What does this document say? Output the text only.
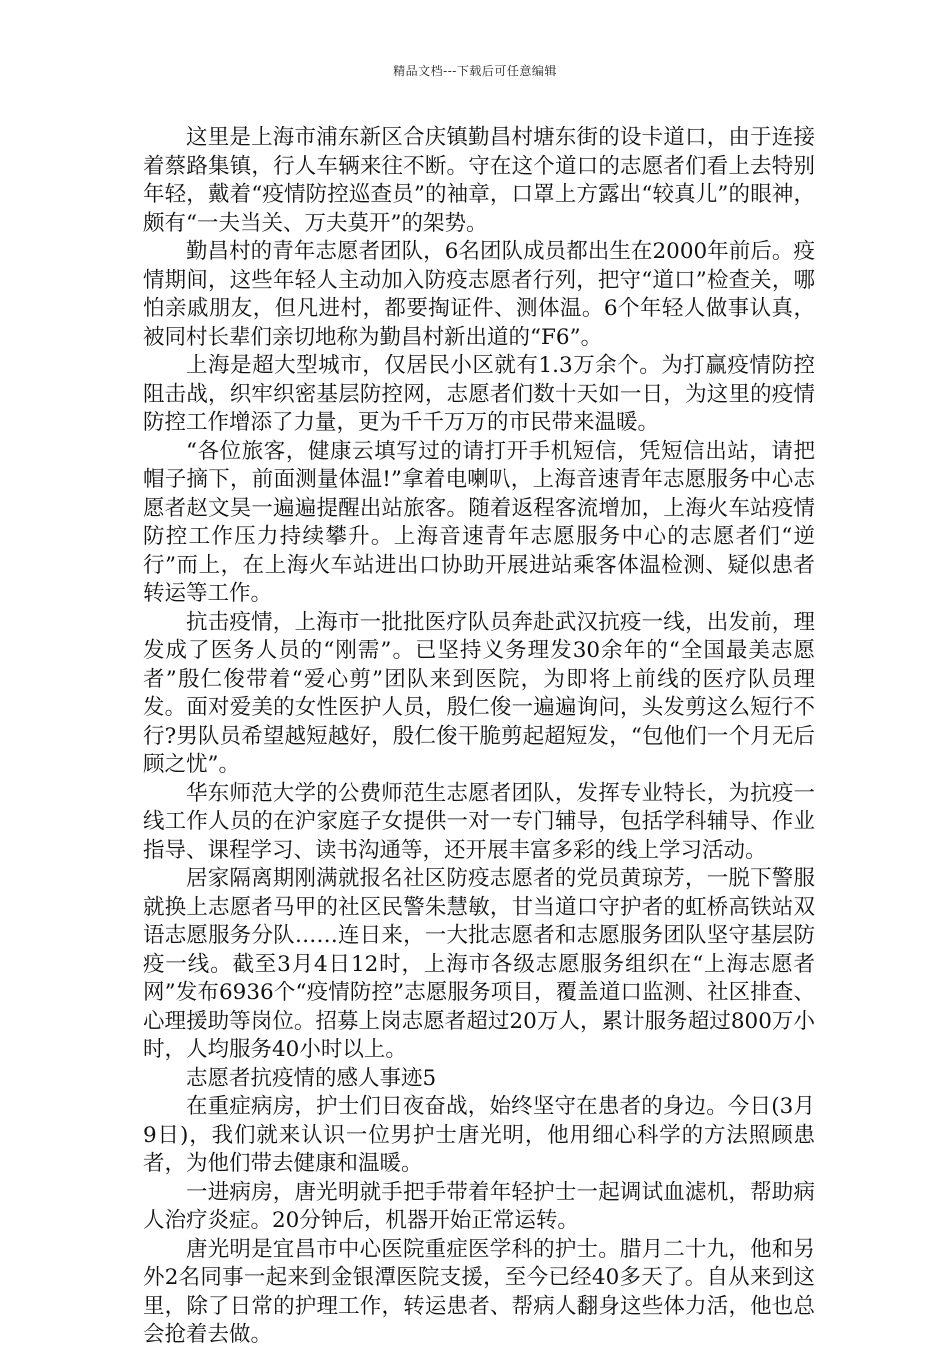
精品文档---下载后可任意编辑

这里是上海市浦东新区合庆镇勤昌村塘东街的设卡道口，由于连接着蔡路集镇，行人车辆来往不断。守在这个道口的志愿者们看上去特别年轻，戴着“疫情防控巡查员”的袖章，口罩上方露出“较真儿”的眼神，颇有“一夫当关、万夫莫开”的架势。

勤昌村的青年志愿者团队，6名团队成员都出生在2000年前后。疫情期间，这些年轻人主动加入防疫志愿者行列，把守“道口”检查关，哪怕亲戚朋友，但凡进村，都要掏证件、测体温。6个年轻人做事认真，被同村长辈们亲切地称为勤昌村新出道的“F6”。

上海是超大型城市，仅居民小区就有1.3万余个。为打赢疫情防控阻击战，织牢织密基层防控网，志愿者们数十天如一日，为这里的疫情防控工作增添了力量，更为千千万万的市民带来温暖。

“各位旅客，健康云填写过的请打开手机短信，凭短信出站，请把帽子摘下，前面测量体温!”拿着电喇叭，上海音速青年志愿服务中心志愿者赵文昊一遍遍提醒出站旅客。随着返程客流增加，上海火车站疫情防控工作压力持续攀升。上海音速青年志愿服务中心的志愿者们“逆行”而上，在上海火车站进出口协助开展进站乘客体温检测、疑似患者转运等工作。

抗击疫情，上海市一批批医疗队员奔赴武汉抗疫一线，出发前，理发成了医务人员的“刚需”。已坚持义务理发30余年的“全国最美志愿者”殷仁俊带着“爱心剪”团队来到医院，为即将上前线的医疗队员理发。面对爱美的女性医护人员，殷仁俊一遍遍询问，头发剪这么短行不行?男队员希望越短越好，殷仁俊干脆剪起超短发，“包他们一个月无后顾之忧”。

华东师范大学的公费师范生志愿者团队，发挥专业特长，为抗疫一线工作人员的在沪家庭子女提供一对一专门辅导，包括学科辅导、作业指导、课程学习、读书沟通等，还开展丰富多彩的线上学习活动。

居家隔离期刚满就报名社区防疫志愿者的党员黄琼芳，一脱下警服就换上志愿者马甲的社区民警朱慧敏，甘当道口守护者的虹桥高铁站双语志愿服务分队……连日来，一大批志愿者和志愿服务团队坚守基层防疫一线。截至3月4日12时，上海市各级志愿服务组织在“上海志愿者网”发布6936个“疫情防控”志愿服务项目，覆盖道口监测、社区排查、心理援助等岗位。招募上岗志愿者超过20万人，累计服务超过800万小时，人均服务40小时以上。

志愿者抗疫情的感人事迹5

在重症病房，护士们日夜奋战，始终坚守在患者的身边。今日(3月9日)，我们就来认识一位男护士唐光明，他用细心科学的方法照顾患者，为他们带去健康和温暖。

一进病房，唐光明就手把手带着年轻护士一起调试血滤机，帮助病人治疗炎症。20分钟后，机器开始正常运转。

唐光明是宜昌市中心医院重症医学科的护士。腊月二十九，他和另外2名同事一起来到金银潭医院支援，至今已经40多天了。自从来到这里，除了日常的护理工作，转运患者、帮病人翻身这些体力活，他也总会抢着去做。
